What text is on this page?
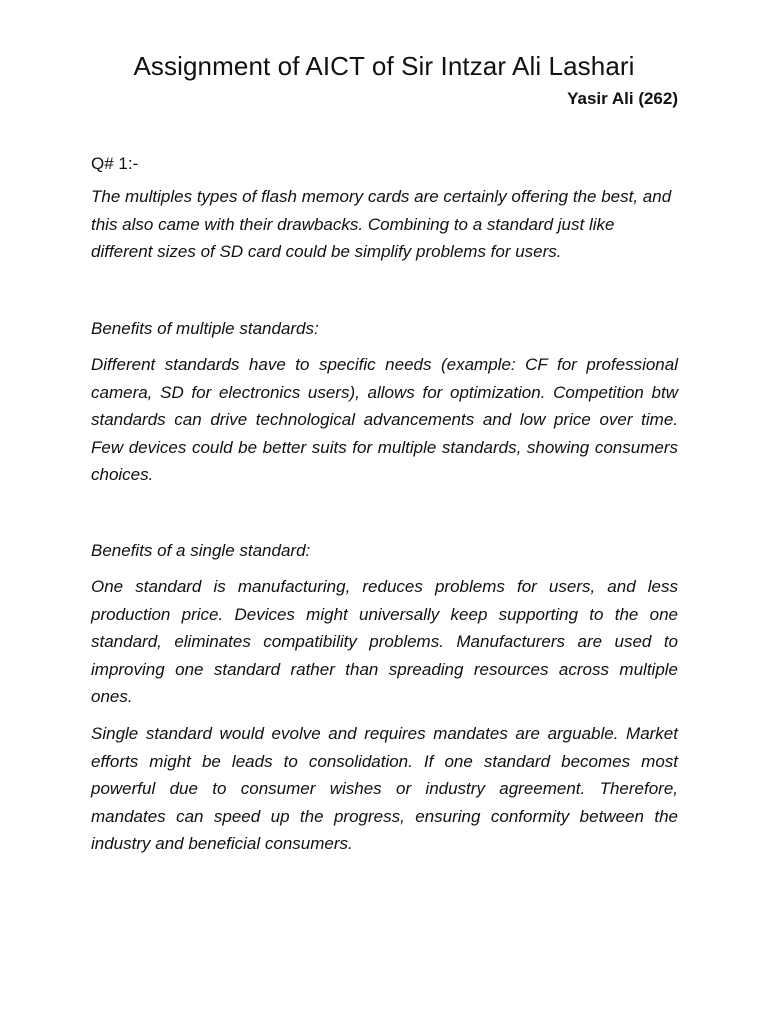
Assignment of AICT of Sir Intzar Ali Lashari

Yasir Ali (262)

Q# 1:-

The multiples types of flash memory cards are certainly offering the best, and this also came with their drawbacks. Combining to a standard just like different sizes of SD card could be simplify problems for users.

Benefits of multiple standards:

Different standards have to specific needs (example: CF for professional camera, SD for electronics users), allows for optimization. Competition btw standards can drive technological advancements and low price over time. Few devices could be better suits for multiple standards, showing consumers choices.

Benefits of a single standard:

One standard is manufacturing, reduces problems for users, and less production price. Devices might universally keep supporting to the one standard, eliminates compatibility problems. Manufacturers are used to improving one standard rather than spreading resources across multiple ones.

Single standard would evolve and requires mandates are arguable. Market efforts might be leads to consolidation. If one standard becomes most powerful due to consumer wishes or industry agreement. Therefore, mandates can speed up the progress, ensuring conformity between the industry and beneficial consumers.
